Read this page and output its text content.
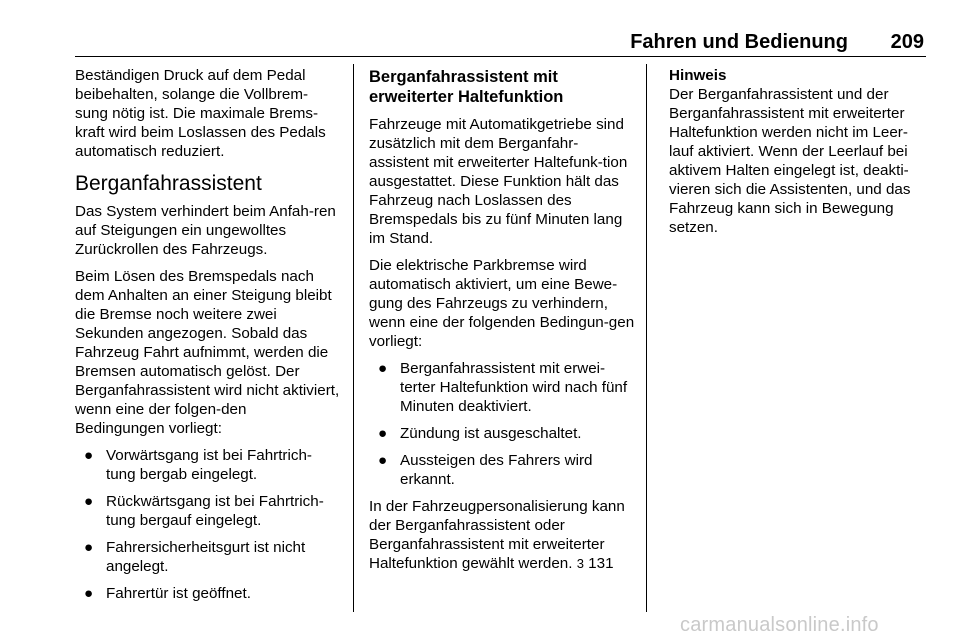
Fahren und Bedienung 209

Beständigen Druck auf dem Pedal beibehalten, solange die Vollbrem-sung nötig ist. Die maximale Brems-kraft wird beim Loslassen des Pedals automatisch reduziert.

Berganfahrassistent

Das System verhindert beim Anfah-ren auf Steigungen ein ungewolltes Zurückrollen des Fahrzeugs.

Beim Lösen des Bremspedals nach dem Anhalten an einer Steigung bleibt die Bremse noch weitere zwei Sekunden angezogen. Sobald das Fahrzeug Fahrt aufnimmt, werden die Bremsen automatisch gelöst. Der Berganfahrassistent wird nicht aktiviert, wenn eine der folgen-den Bedingungen vorliegt:

● Vorwärtsgang ist bei Fahrtrich-tung bergab eingelegt.
● Rückwärtsgang ist bei Fahrtrich-tung bergauf eingelegt.
● Fahrersicherheitsgurt ist nicht angelegt.
● Fahrertür ist geöffnet.
Berganfahrassistent mit erweiterter Haltefunktion

Fahrzeuge mit Automatikgetriebe sind zusätzlich mit dem Berganfahr-assistent mit erweiterter Haltefunk-tion ausgestattet. Diese Funktion hält das Fahrzeug nach Loslassen des Bremspedals bis zu fünf Minuten lang im Stand.

Die elektrische Parkbremse wird automatisch aktiviert, um eine Bewe-gung des Fahrzeugs zu verhindern, wenn eine der folgenden Bedingun-gen vorliegt:

● Berganfahrassistent mit erwei-terter Haltefunktion wird nach fünf Minuten deaktiviert.
● Zündung ist ausgeschaltet.
● Aussteigen des Fahrers wird erkannt.

In der Fahrzeugpersonalisierung kann der Berganfahrassistent oder Berganfahrassistent mit erweiterter Haltefunktion gewählt werden. 3 131

Hinweis
Der Berganfahrassistent und der Berganfahrassistent mit erweiterter Haltefunktion werden nicht im Leer-lauf aktiviert. Wenn der Leerlauf bei aktivem Halten eingelegt ist, deakti-vieren sich die Assistenten, und das Fahrzeug kann sich in Bewegung setzen.

carmanualsonline.info
